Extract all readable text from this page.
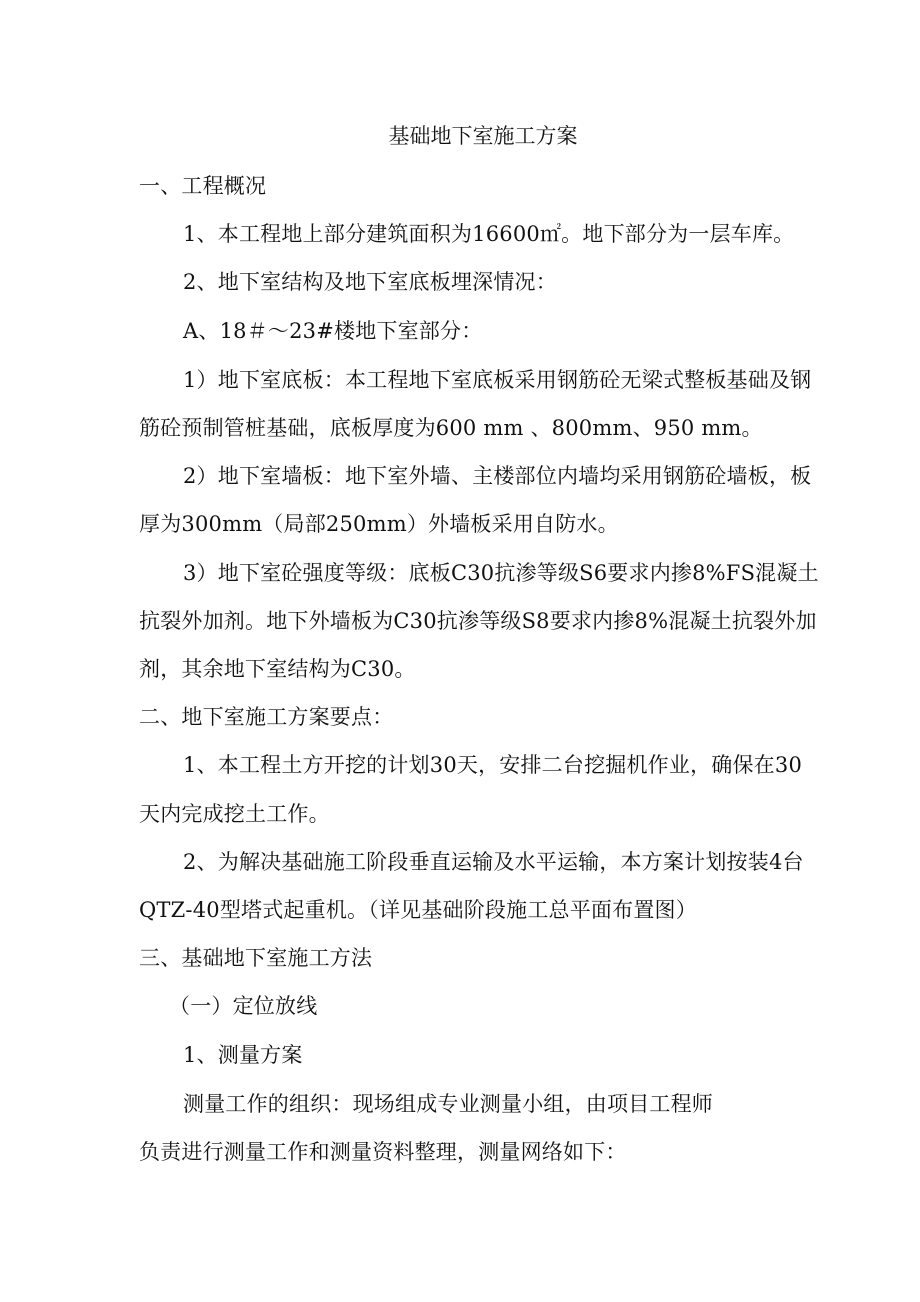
基础地下室施工方案
一、工程概况
1、本工程地上部分建筑面积为16600㎡。地下部分为一层车库。
2、地下室结构及地下室底板埋深情况：
A、18＃～23#楼地下室部分：
1）地下室底板：本工程地下室底板采用钢筋砼无梁式整板基础及钢
筋砼预制管桩基础，底板厚度为600 mm 、800mm、950 mm。
2）地下室墙板：地下室外墙、主楼部位内墙均采用钢筋砼墙板，板
厚为300mm（局部250mm）外墙板采用自防水。
3）地下室砼强度等级：底板C30抗渗等级S6要求内掺8%FS混凝土
抗裂外加剂。地下外墙板为C30抗渗等级S8要求内掺8%混凝土抗裂外加
剂，其余地下室结构为C30。
二、地下室施工方案要点：
1、本工程土方开挖的计划30天，安排二台挖掘机作业，确保在30
天内完成挖土工作。
2、为解决基础施工阶段垂直运输及水平运输，本方案计划按装4台
QTZ-40型塔式起重机。（详见基础阶段施工总平面布置图）
三、基础地下室施工方法
（一）定位放线
1、测量方案
测量工作的组织：现场组成专业测量小组，由项目工程师
负责进行测量工作和测量资料整理，测量网络如下：
